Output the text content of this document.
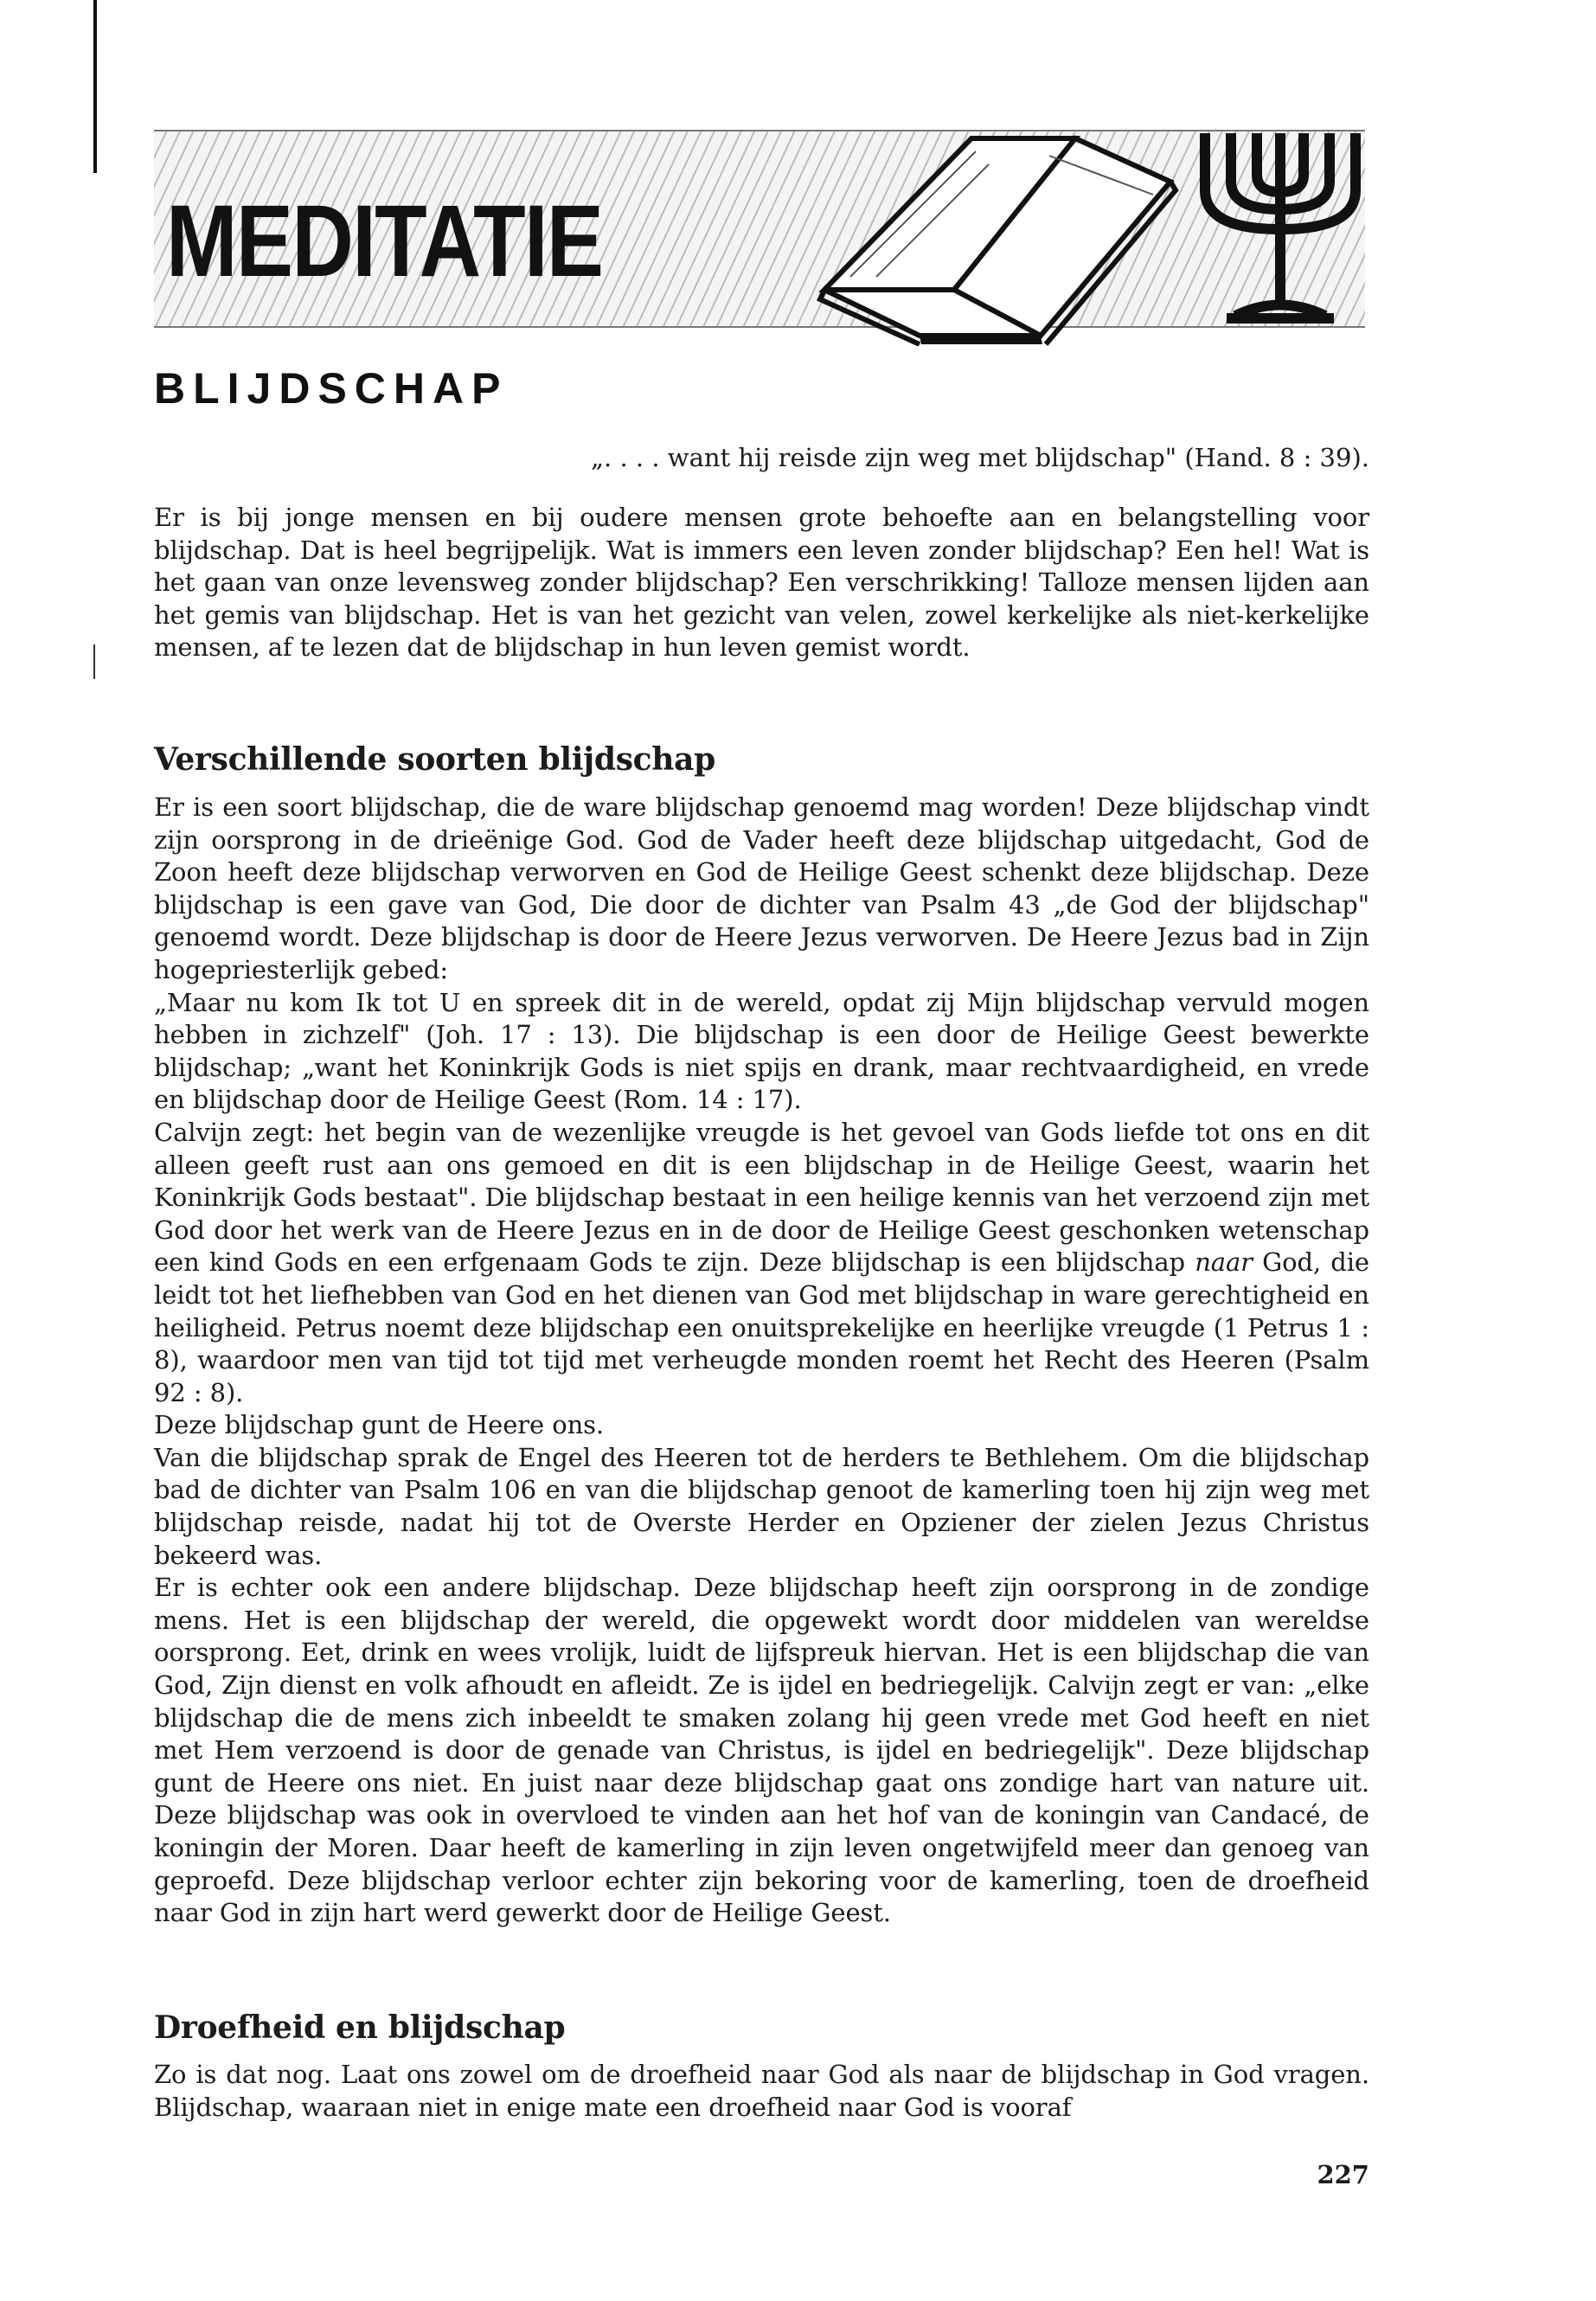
MEDITATIE
BLIJDSCHAP

„. . . . want hij reisde zijn weg met blijdschap" (Hand. 8 : 39).

Er is bij jonge mensen en bij oudere mensen grote behoefte aan en belangstelling voor blijdschap. Dat is heel begrijpelijk. Wat is immers een leven zonder blijdschap? Een hel! Wat is het gaan van onze levensweg zonder blijdschap? Een verschrikking! Talloze mensen lijden aan het gemis van blijdschap. Het is van het gezicht van velen, zowel kerkelijke als niet-kerkelijke mensen, af te lezen dat de blijdschap in hun leven gemist wordt.

Verschillende soorten blijdschap

Er is een soort blijdschap, die de ware blijdschap genoemd mag worden! Deze blijdschap vindt zijn oorsprong in de drieënige God. God de Vader heeft deze blijdschap uitgedacht, God de Zoon heeft deze blijdschap verworven en God de Heilige Geest schenkt deze blijdschap. Deze blijdschap is een gave van God, Die door de dichter van Psalm 43 „de God der blijdschap" genoemd wordt. Deze blijdschap is door de Heere Jezus verworven. De Heere Jezus bad in Zijn hogepriesterlijk gebed:

„Maar nu kom Ik tot U en spreek dit in de wereld, opdat zij Mijn blijdschap vervuld mogen hebben in zichzelf" (Joh. 17 : 13). Die blijdschap is een door de Heilige Geest bewerkte blijdschap; „want het Koninkrijk Gods is niet spijs en drank, maar rechtvaardigheid, en vrede en blijdschap door de Heilige Geest (Rom. 14 : 17).

Calvijn zegt: het begin van de wezenlijke vreugde is het gevoel van Gods liefde tot ons en dit alleen geeft rust aan ons gemoed en dit is een blijdschap in de Heilige Geest, waarin het Koninkrijk Gods bestaat". Die blijdschap bestaat in een heilige kennis van het verzoend zijn met God door het werk van de Heere Jezus en in de door de Heilige Geest geschonken wetenschap een kind Gods en een erfgenaam Gods te zijn. Deze blijdschap is een blijdschap naar God, die leidt tot het liefhebben van God en het dienen van God met blijdschap in ware gerechtigheid en heiligheid. Petrus noemt deze blijdschap een onuitsprekelijke en heerlijke vreugde (1 Petrus 1 : 8), waardoor men van tijd tot tijd met verheugde monden roemt het Recht des Heeren (Psalm 92 : 8).

Deze blijdschap gunt de Heere ons.

Van die blijdschap sprak de Engel des Heeren tot de herders te Bethlehem. Om die blijdschap bad de dichter van Psalm 106 en van die blijdschap genoot de kamerling toen hij zijn weg met blijdschap reisde, nadat hij tot de Overste Herder en Opziener der zielen Jezus Christus bekeerd was.

Er is echter ook een andere blijdschap. Deze blijdschap heeft zijn oorsprong in de zondige mens. Het is een blijdschap der wereld, die opgewekt wordt door middelen van wereldse oorsprong. Eet, drink en wees vrolijk, luidt de lijfspreuk hiervan. Het is een blijdschap die van God, Zijn dienst en volk afhoudt en afleidt. Ze is ijdel en bedriegelijk. Calvijn zegt er van: „elke blijdschap die de mens zich inbeeldt te smaken zolang hij geen vrede met God heeft en niet met Hem verzoend is door de genade van Christus, is ijdel en bedriegelijk". Deze blijdschap gunt de Heere ons niet. En juist naar deze blijdschap gaat ons zondige hart van nature uit. Deze blijdschap was ook in overvloed te vinden aan het hof van de koningin van Candacé, de koningin der Moren. Daar heeft de kamerling in zijn leven ongetwijfeld meer dan genoeg van geproefd. Deze blijdschap verloor echter zijn bekoring voor de kamerling, toen de droefheid naar God in zijn hart werd gewerkt door de Heilige Geest.

Droefheid en blijdschap

Zo is dat nog. Laat ons zowel om de droefheid naar God als naar de blijdschap in God vragen. Blijdschap, waaraan niet in enige mate een droefheid naar God is vooraf

227
